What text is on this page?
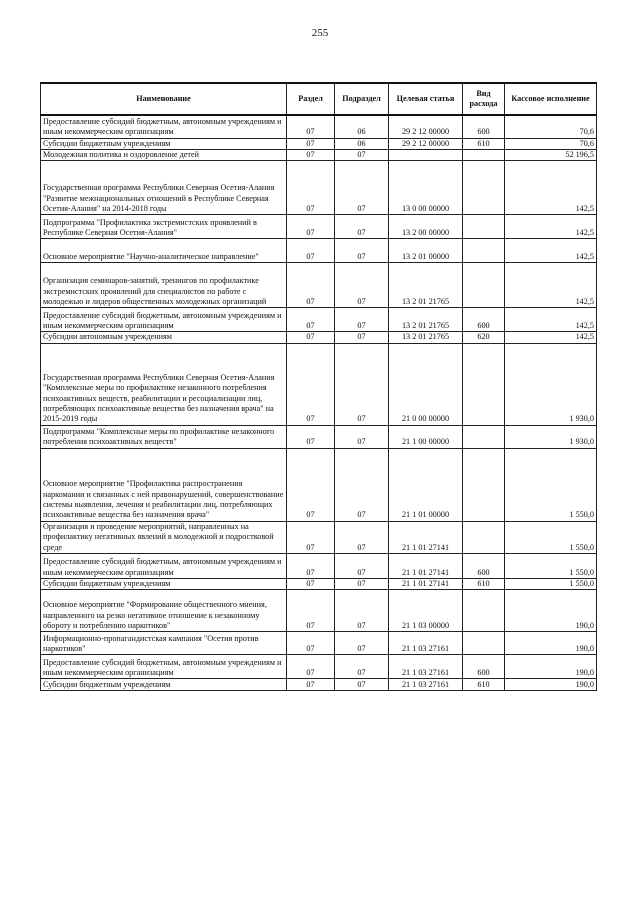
255
Наименование	Раздел	Подраздел	Целевая статья	Вид расхода	Кассовое исполнение
Предоставление субсидий бюджетным, автономным учреждениям и иным некоммерческим организациям	07	06	29 2 12 00000	600	70,6
Субсидии бюджетным учреждениям	07	06	29 2 12 00000	610	70,6
Молодежная политика и оздоровление детей	07	07			52 196,5
Государственная программа Республики Северная Осетия-Алания "Развитие межнациональных отношений в Республике Северная Осетия-Алания" на 2014-2018 годы	07	07	13 0 00 00000		142,5
Подпрограмма "Профилактика экстремистских проявлений в Республике Северная Осетия-Алания"	07	07	13 2 00 00000		142,5
Основное мероприятие "Научно-аналитическое направление"	07	07	13 2 01 00000		142,5
Организация семинаров-занятий, тренингов по профилактике экстремистских проявлений для специалистов по работе с молодежью и лидеров общественных молодежных организаций	07	07	13 2 01 21765		142,5
Предоставление субсидий бюджетным, автономным учреждениям и иным некоммерческим организациям	07	07	13 2 01 21765	600	142,5
Субсидии автономным учреждениям	07	07	13 2 01 21765	620	142,5
Государственная программа Республики Северная Осетия-Алания "Комплексные меры по профилактике незаконного потребления психоактивных веществ, реабилитации и ресоциализации лиц, потребляющих психоактивные вещества без назначения врача" на 2015-2019 годы	07	07	21 0 00 00000		1 930,0
Подпрограмма "Комплексные меры по профилактике незаконного потребления психоактивных веществ"	07	07	21 1 00 00000		1 930,0
Основное мероприятие "Профилактика распространения наркомании и связанных с ней правонарушений, совершенствование системы выявления, лечения и реабилитации лиц, потребляющих психоактивные вещества без назначения врача"	07	07	21 1 01 00000		1 550,0
Организация и проведение мероприятий, направленных на профилактику негативных явлений в молодежной и подростковой среде	07	07	21 1 01 27141		1 550,0
Предоставление субсидий бюджетным, автономным учреждениям и иным некоммерческим организациям	07	07	21 1 01 27141	600	1 550,0
Субсидии бюджетным учреждениям	07	07	21 1 01 27141	610	1 550,0
Основное мероприятие "Формирование общественного мнения, направленного на резко негативное отношение к незаконному обороту и потреблению наркотиков"	07	07	21 1 03 00000		190,0
Информационно-пропагандистская кампания "Осетия против наркотиков"	07	07	21 1 03 27161		190,0
Предоставление субсидий бюджетным, автономным учреждениям и иным некоммерческим организациям	07	07	21 1 03 27161	600	190,0
Субсидии бюджетным учреждениям	07	07	21 1 03 27161	610	190,0
